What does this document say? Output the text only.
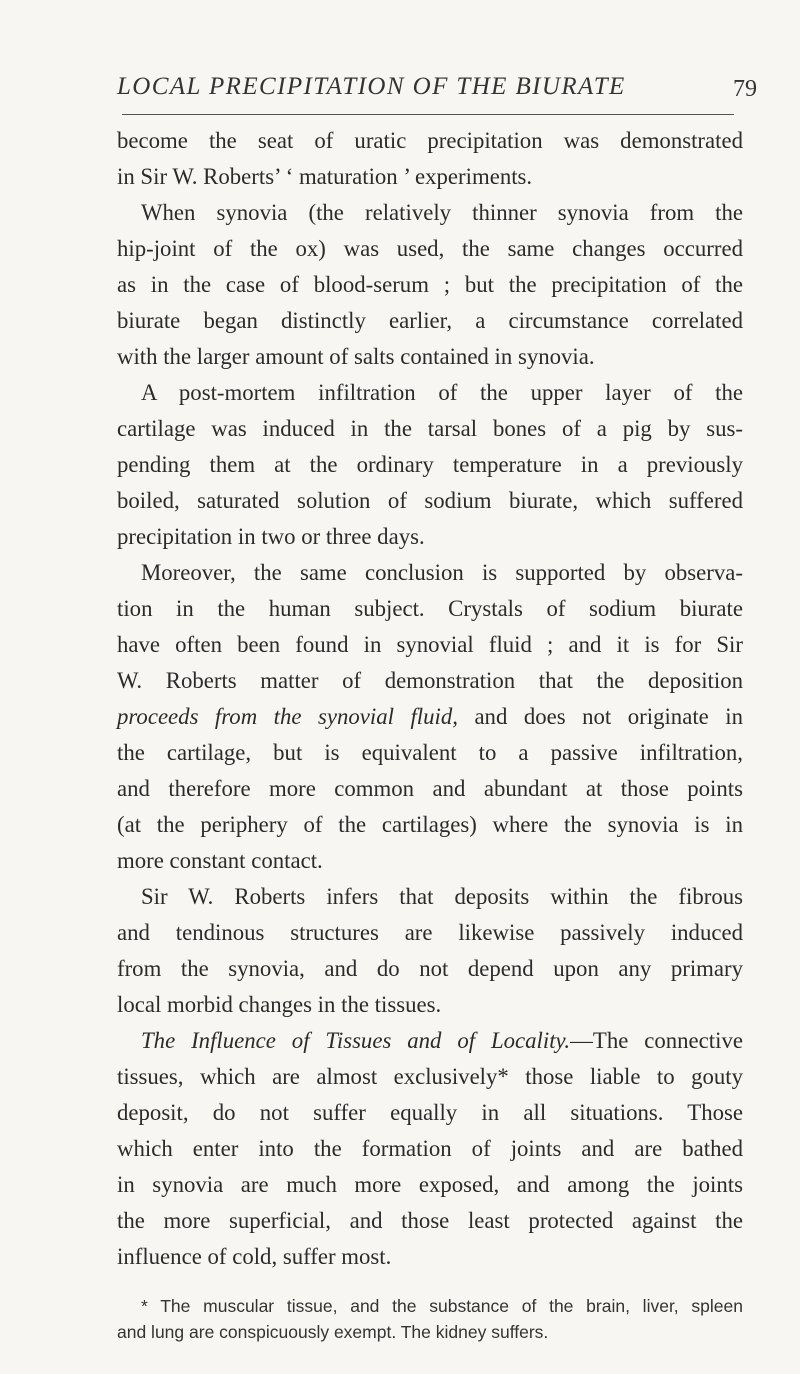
LOCAL PRECIPITATION OF THE BIURATE	79
become the seat of uratic precipitation was demonstrated
in Sir W. Roberts’ ‘ maturation ’ experiments.
When synovia (the relatively thinner synovia from the
hip-joint of the ox) was used, the same changes occurred
as in the case of blood-serum ; but the precipitation of the
biurate began distinctly earlier, a circumstance correlated
with the larger amount of salts contained in synovia.
A post-mortem infiltration of the upper layer of the
cartilage was induced in the tarsal bones of a pig by sus-
pending them at the ordinary temperature in a previously
boiled, saturated solution of sodium biurate, which suffered
precipitation in two or three days.
Moreover, the same conclusion is supported by observa-
tion in the human subject. Crystals of sodium biurate
have often been found in synovial fluid ; and it is for Sir
W. Roberts matter of demonstration that the deposition
proceeds from the synovial fluid, and does not originate in
the cartilage, but is equivalent to a passive infiltration,
and therefore more common and abundant at those points
(at the periphery of the cartilages) where the synovia is in
more constant contact.
Sir W. Roberts infers that deposits within the fibrous
and tendinous structures are likewise passively induced
from the synovia, and do not depend upon any primary
local morbid changes in the tissues.
The Influence of Tissues and of Locality.—The connective
tissues, which are almost exclusively* those liable to gouty
deposit, do not suffer equally in all situations. Those
which enter into the formation of joints and are bathed
in synovia are much more exposed, and among the joints
the more superficial, and those least protected against the
influence of cold, suffer most.
* The muscular tissue, and the substance of the brain, liver, spleen
and lung are conspicuously exempt. The kidney suffers.
